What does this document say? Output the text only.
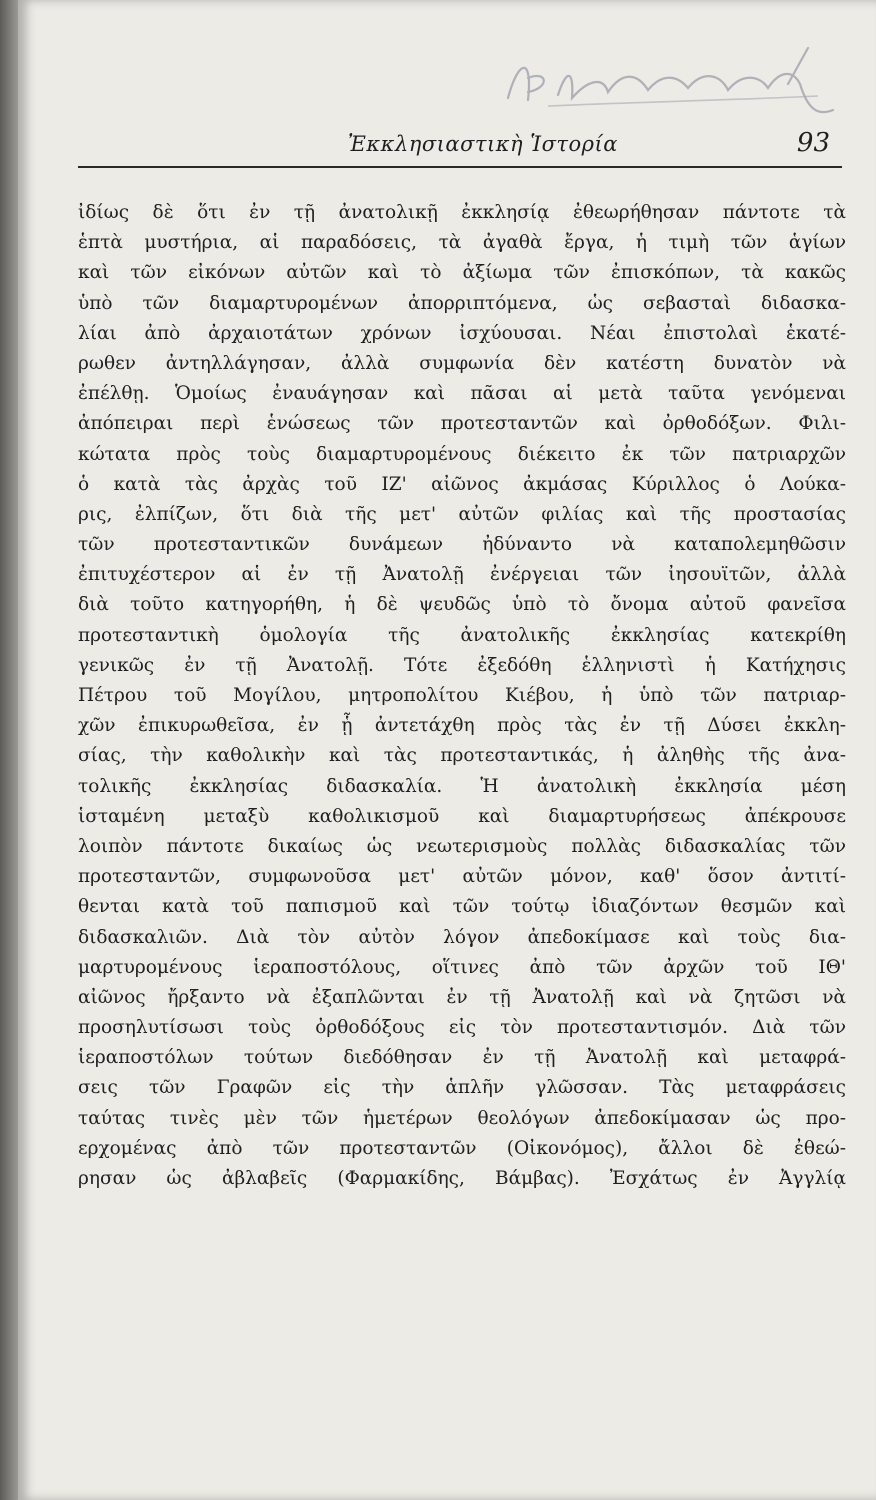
Ἐκκλησιαστικὴ Ἱστορία	93
ἰδίως δὲ ὅτι ἐν τῇ ἀνατολικῇ ἐκκλησίᾳ ἐθεωρήθησαν πάντοτε τὰ
ἑπτὰ μυστήρια, αἱ παραδόσεις, τὰ ἀγαθὰ ἔργα, ἡ τιμὴ τῶν ἁγίων
καὶ τῶν εἰκόνων αὐτῶν καὶ τὸ ἀξίωμα τῶν ἐπισκόπων, τὰ κακῶς
ὑπὸ τῶν διαμαρτυρομένων ἀπορριπτόμενα, ὡς σεβασταὶ διδασκα-
λίαι ἀπὸ ἀρχαιοτάτων χρόνων ἰσχύουσαι. Νέαι ἐπιστολαὶ ἑκατέ-
ρωθεν ἀντηλλάγησαν, ἀλλὰ συμφωνία δὲν κατέστη δυνατὸν νὰ
ἐπέλθῃ. Ὁμοίως ἐναυάγησαν καὶ πᾶσαι αἱ μετὰ ταῦτα γενόμεναι
ἀπόπειραι περὶ ἑνώσεως τῶν προτεσταντῶν καὶ ὀρθοδόξων. Φιλι-
κώτατα πρὸς τοὺς διαμαρτυρομένους διέκειτο ἐκ τῶν πατριαρχῶν
ὁ κατὰ τὰς ἀρχὰς τοῦ ΙΖ' αἰῶνος ἀκμάσας Κύριλλος ὁ Λούκα-
ρις, ἐλπίζων, ὅτι διὰ τῆς μετ' αὐτῶν φιλίας καὶ τῆς προστασίας
τῶν προτεσταντικῶν δυνάμεων ἠδύναντο νὰ καταπολεμηθῶσιν
ἐπιτυχέστερον αἱ ἐν τῇ Ἀνατολῇ ἐνέργειαι τῶν ἰησουϊτῶν, ἀλλὰ
διὰ τοῦτο κατηγορήθη, ἡ δὲ ψευδῶς ὑπὸ τὸ ὄνομα αὐτοῦ φανεῖσα
προτεσταντικὴ ὁμολογία τῆς ἀνατολικῆς ἐκκλησίας κατεκρίθη
γενικῶς ἐν τῇ Ἀνατολῇ. Τότε ἐξεδόθη ἑλληνιστὶ ἡ Κατήχησις
Πέτρου τοῦ Μογίλου, μητροπολίτου Κιέβου, ἡ ὑπὸ τῶν πατριαρ-
χῶν ἐπικυρωθεῖσα, ἐν ᾗ ἀντετάχθη πρὸς τὰς ἐν τῇ Δύσει ἐκκλη-
σίας, τὴν καθολικὴν καὶ τὰς προτεσταντικάς, ἡ ἀληθὴς τῆς ἀνα-
τολικῆς ἐκκλησίας διδασκαλία. Ἡ ἀνατολικὴ ἐκκλησία μέση
ἱσταμένη μεταξὺ καθολικισμοῦ καὶ διαμαρτυρήσεως ἀπέκρουσε
λοιπὸν πάντοτε δικαίως ὡς νεωτερισμοὺς πολλὰς διδασκαλίας τῶν
προτεσταντῶν, συμφωνοῦσα μετ' αὐτῶν μόνον, καθ' ὅσον ἀντιτί-
θενται κατὰ τοῦ παπισμοῦ καὶ τῶν τούτῳ ἰδιαζόντων θεσμῶν καὶ
διδασκαλιῶν. Διὰ τὸν αὐτὸν λόγον ἀπεδοκίμασε καὶ τοὺς δια-
μαρτυρομένους ἱεραποστόλους, οἵτινες ἀπὸ τῶν ἀρχῶν τοῦ ΙΘ'
αἰῶνος ἤρξαντο νὰ ἐξαπλῶνται ἐν τῇ Ἀνατολῇ καὶ νὰ ζητῶσι νὰ
προσηλυτίσωσι τοὺς ὀρθοδόξους εἰς τὸν προτεσταντισμόν. Διὰ τῶν
ἱεραποστόλων τούτων διεδόθησαν ἐν τῇ Ἀνατολῇ καὶ μεταφρά-
σεις τῶν Γραφῶν εἰς τὴν ἁπλῆν γλῶσσαν. Τὰς μεταφράσεις
ταύτας τινὲς μὲν τῶν ἡμετέρων θεολόγων ἀπεδοκίμασαν ὡς προ-
ερχομένας ἀπὸ τῶν προτεσταντῶν (Οἰκονόμος), ἄλλοι δὲ ἐθεώ-
ρησαν ὡς ἀβλαβεῖς (Φαρμακίδης, Βάμβας). Ἐσχάτως ἐν Ἀγγλίᾳ
